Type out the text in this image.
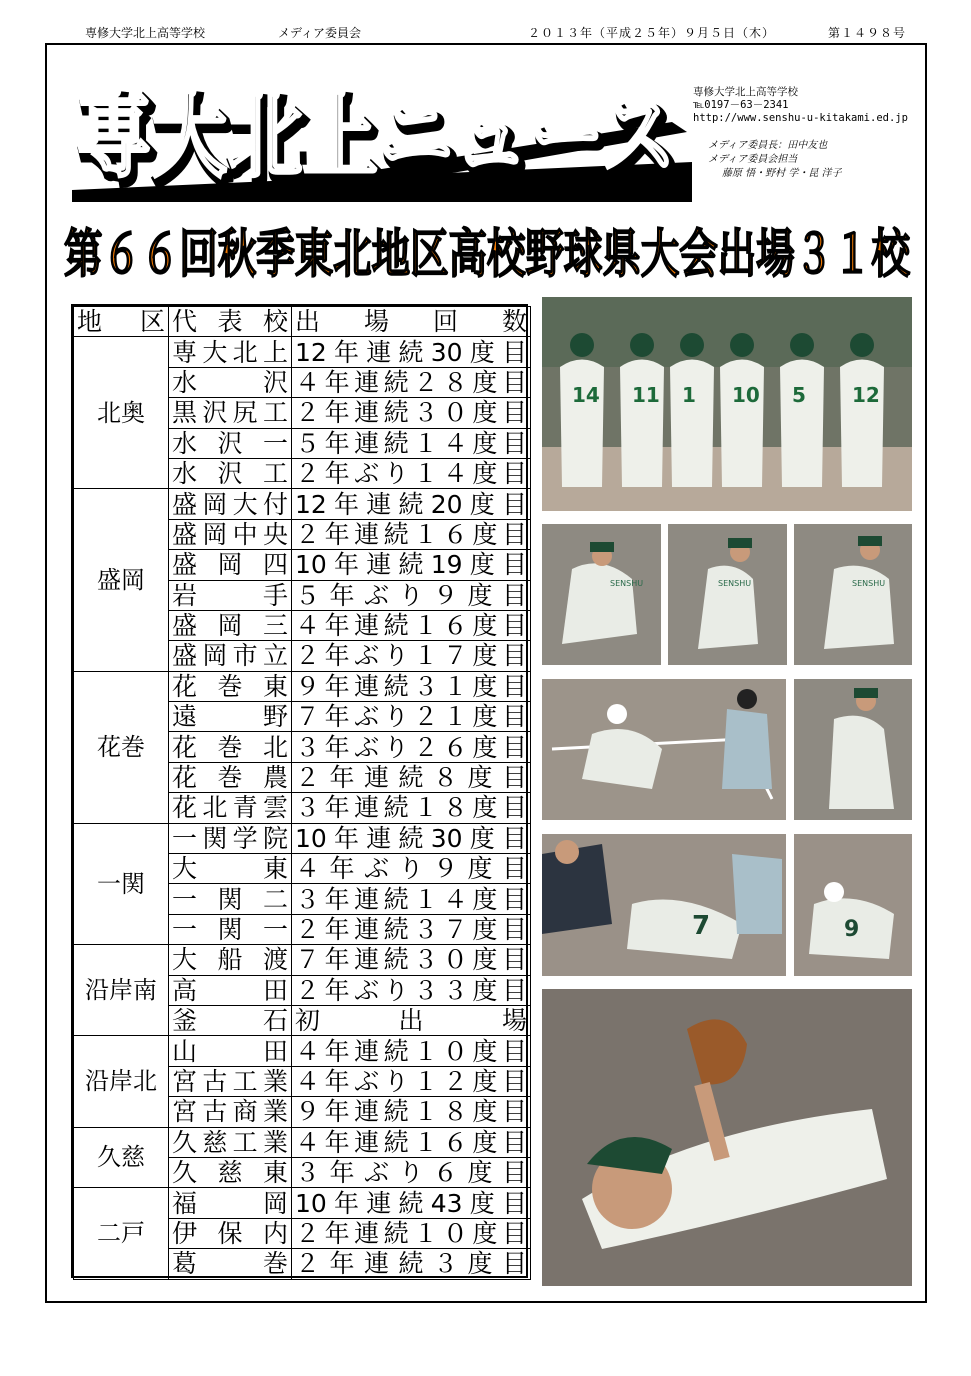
専修大学北上高等学校	メディア委員会	２０１３年（平成２５年）９月５日（木）	第１４９８号
専大北上ニュース
専大北上ニュース 専修大学北上高等学校
℡0197－63－2341
http://www.senshu-u-kitakami.ed.jp
メディア委員長：田中友也
メディア委員会担当
藤原 悟・野村 学・昆 洋子
第６６回秋季東北地区高校野球県大会出場３１校
地区	代表校	出場回数
北奥	専大北上	12年連続30度目
	水沢	４年連続２８度目
	黒沢尻工	２年連続３０度目
	水沢一	５年連続１４度目
	水沢工	２年ぶり１４度目
盛岡	盛岡大付	12年連続20度目
	盛岡中央	２年連続１６度目
	盛岡四	10年連続19度目
	岩手	５年ぶり９度目
	盛岡三	４年連続１６度目
	盛岡市立	２年ぶり１７度目
花巻	花巻東	９年連続３１度目
	遠野	７年ぶり２１度目
	花巻北	３年ぶり２６度目
	花巻農	２年連続８度目
	花北青雲	３年連続１８度目
一関	一関学院	10年連続30度目
	大東	４年ぶり９度目
	一関二	３年連続１４度目
	一関一	２年連続３７度目
沿岸南	大船渡	７年連続３０度目
	高田	２年ぶり３３度目
	釜石	初出場
沿岸北	山田	４年連続１０度目
	宮古工業	４年ぶり１２度目
	宮古商業	９年連続１８度目
久慈	久慈工業	４年連続１６度目
	久慈東	３年ぶり６度目
二戸	福岡	10年連続43度目
	伊保内	２年連続１０度目
	葛巻	２年連続３度目
14 11 1 10 5 12
SENSHU	SENSHU	SENSHU
7	9
